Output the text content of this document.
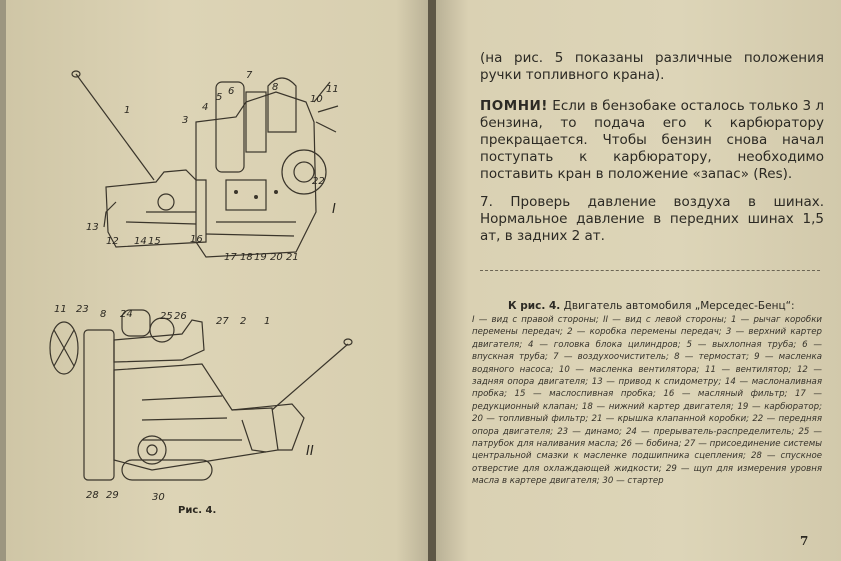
1	4
5
6
7
8
3
10
11
13
12 14 15	16
17 18 19 20 21
22
I
11 23 8 24	25 26	27 2 1
28 29	30
II
Рис. 4.
(на рис. 5 показаны различные положения ручки топливного крана).
ПОМНИ! Если в бензобаке осталось только 3 л бензина, то подача его к карбюратору прекращается. Чтобы бензин снова начал поступать к карбюратору, необходимо поставить кран в положение «запас» (Res).
7. Проверь давление воздуха в шинах. Нормальное давление в передних шинах 1,5 ат, в задних 2 ат.
К рис. 4. Двигатель автомобиля „Мерседес-Бенц“:
I — вид с правой стороны; II — вид с левой стороны; 1 — рычаг коробки перемены передач; 2 — коробка перемены передач; 3 — верхний картер двигателя; 4 — головка блока цилиндров; 5 — выхлопная труба; 6 — впускная труба; 7 — воздухоочиститель; 8 — термостат; 9 — масленка водяного насоса; 10 — масленка вентилятора; 11 — вентилятор; 12 — задняя опора двигателя; 13 — привод к спидометру; 14 — маслоналивная пробка; 15 — маслоспивная пробка; 16 — масляный фильтр; 17 — редукционный клапан; 18 — нижний картер двигателя; 19 — карбюратор; 20 — топливный фильтр; 21 — крышка клапанной коробки; 22 — передняя опора двигателя; 23 — динамо; 24 — прерыватель-распределитель; 25 — патрубок для наливания масла; 26 — бобина; 27 — присоединение системы центральной смазки к масленке подшипника сцепления; 28 — спускное отверстие для охлаждающей жидкости; 29 — щуп для измерения уровня масла в картере двигателя; 30 — стартер
7
